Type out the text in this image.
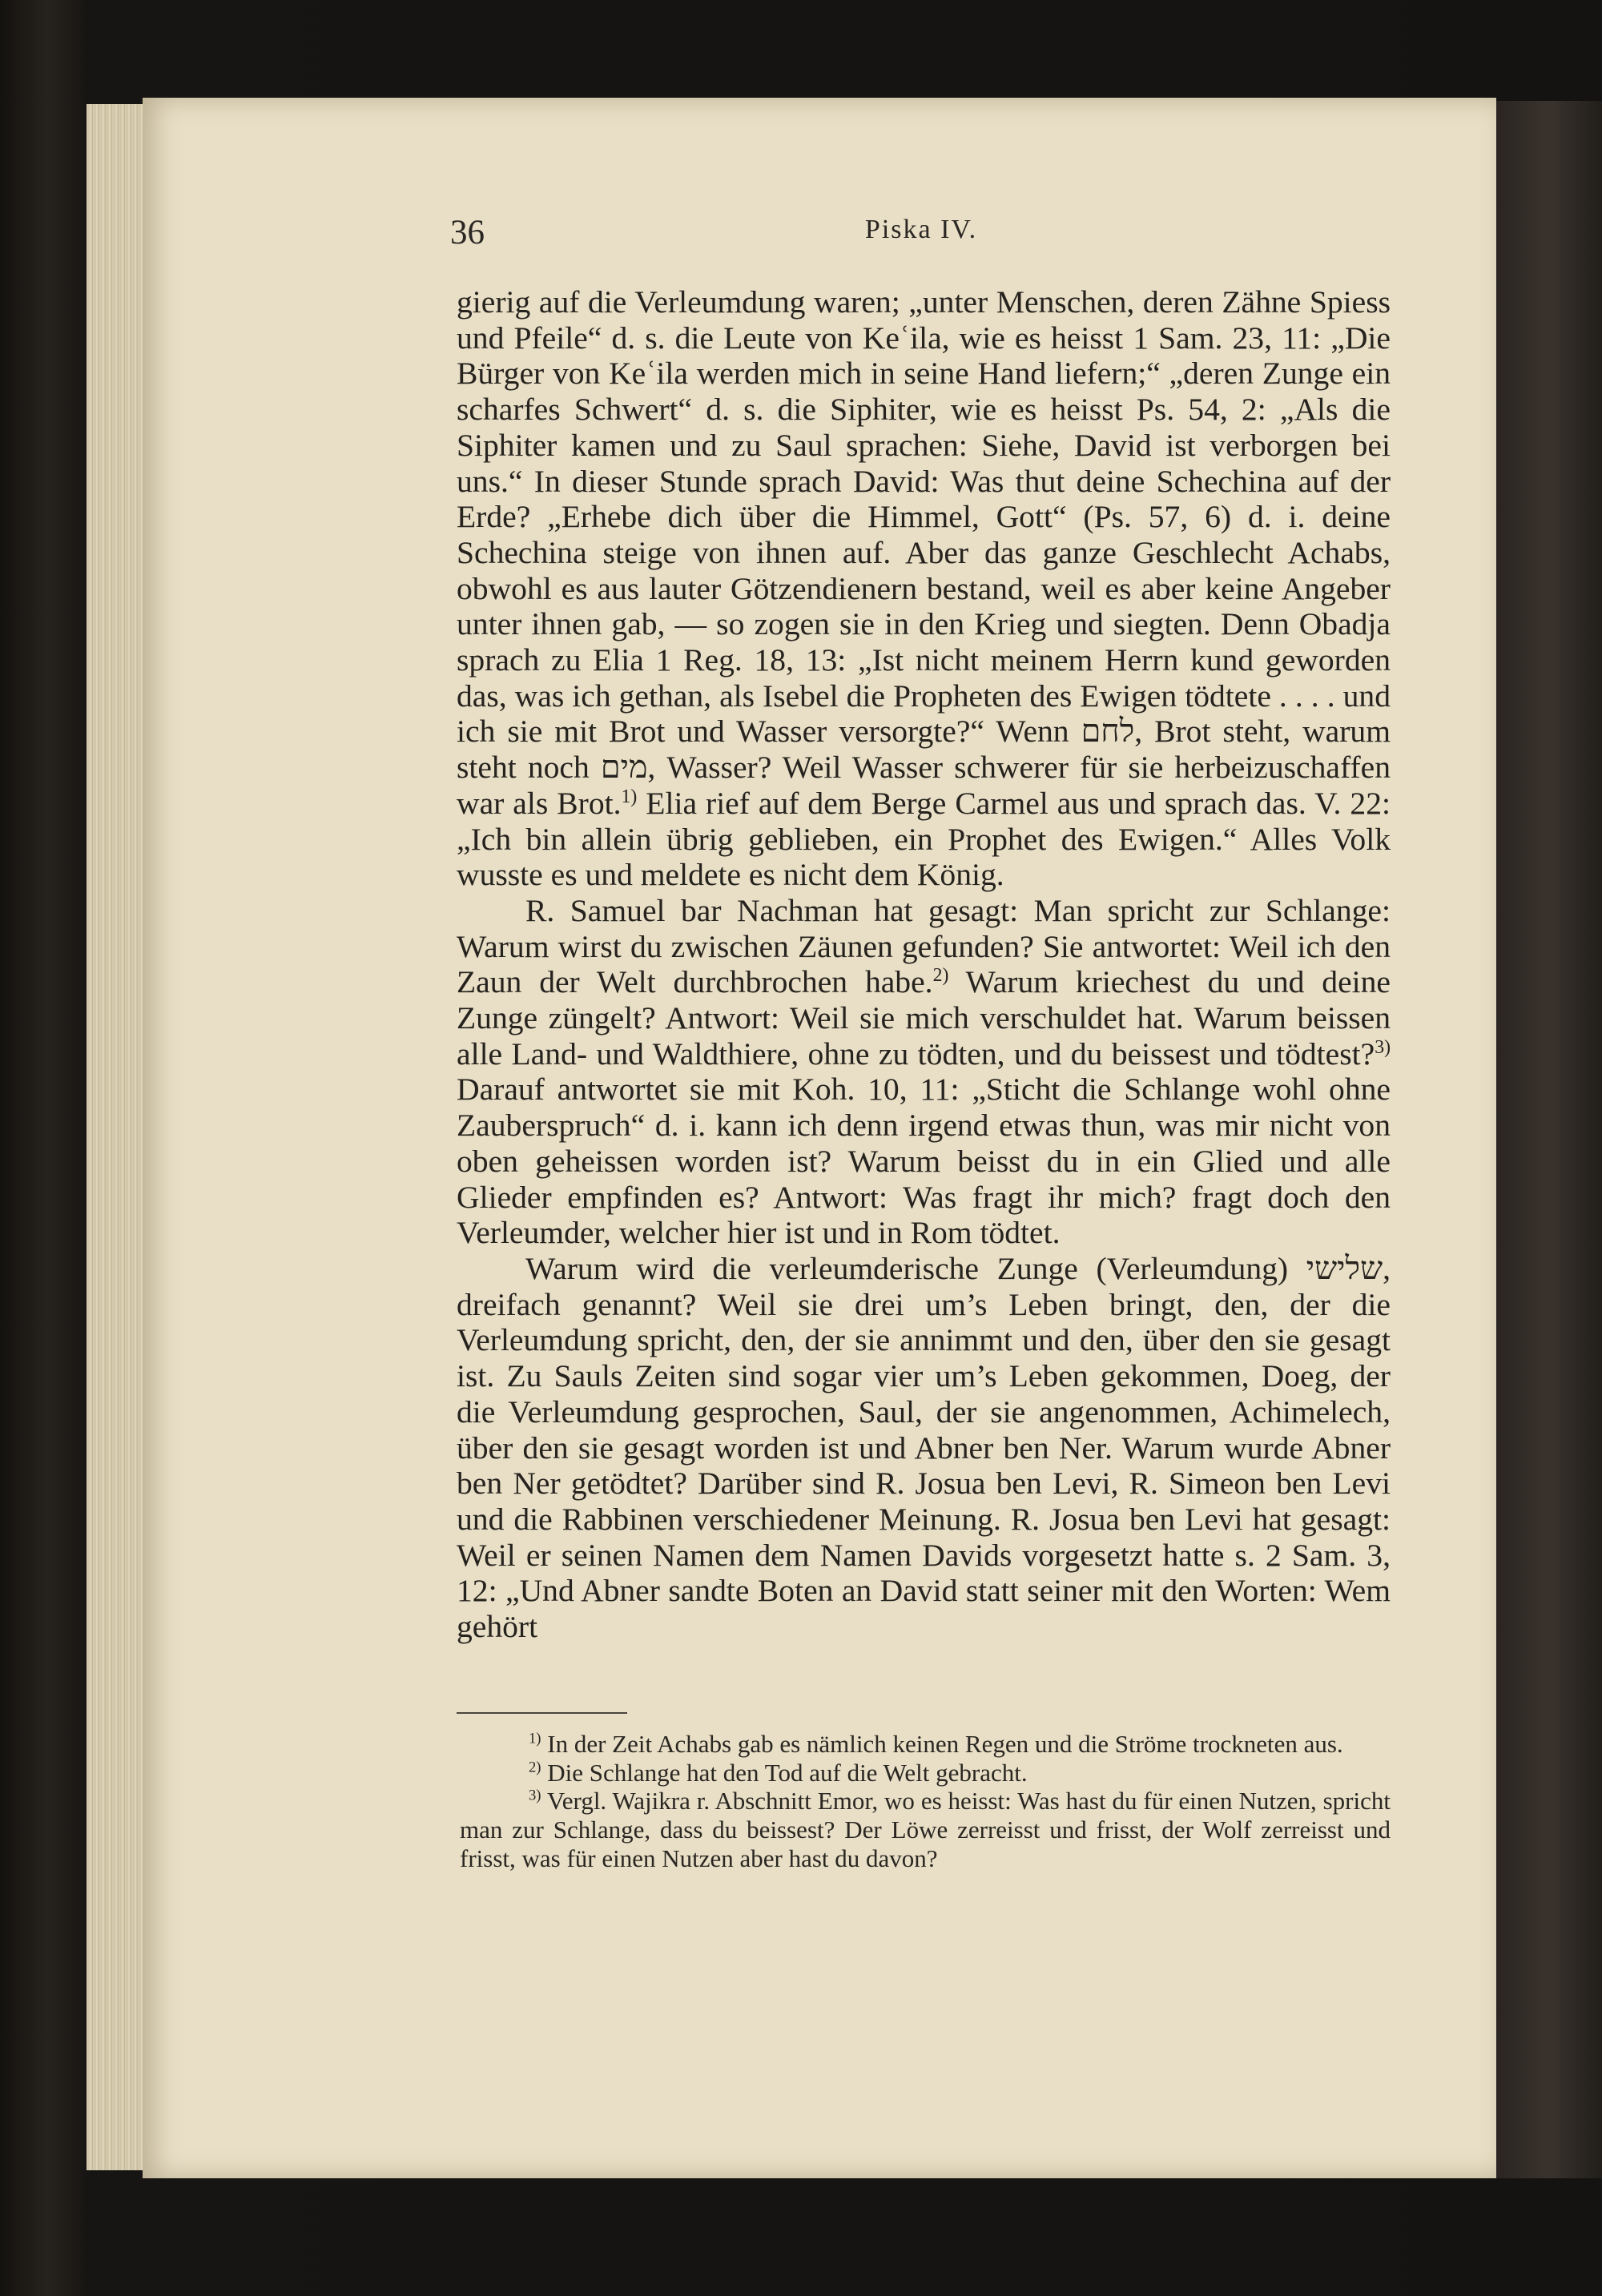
36	Piska IV.

gierig auf die Verleumdung waren; „unter Menschen, deren Zähne Spiess und Pfeile“ d. s. die Leute von Keʿila, wie es heisst 1 Sam. 23, 11: „Die Bürger von Keʿila werden mich in seine Hand liefern;“ „deren Zunge ein scharfes Schwert“ d. s. die Siphiter, wie es heisst Ps. 54, 2: „Als die Siphiter kamen und zu Saul sprachen: Siehe, David ist verborgen bei uns.“ In dieser Stunde sprach David: Was thut deine Schechina auf der Erde? „Erhebe dich über die Himmel, Gott“ (Ps. 57, 6) d. i. deine Schechina steige von ihnen auf. Aber das ganze Geschlecht Achabs, obwohl es aus lauter Götzendienern bestand, weil es aber keine Angeber unter ihnen gab, — so zogen sie in den Krieg und siegten. Denn Obadja sprach zu Elia 1 Reg. 18, 13: „Ist nicht meinem Herrn kund geworden das, was ich gethan, als Isebel die Propheten des Ewigen tödtete . . . . und ich sie mit Brot und Wasser versorgte?“ Wenn לחם, Brot steht, warum steht noch מים, Wasser? Weil Wasser schwerer für sie herbeizuschaffen war als Brot.$^{1)}$ Elia rief auf dem Berge Carmel aus und sprach das. V. 22: „Ich bin allein übrig geblieben, ein Prophet des Ewigen.“ Alles Volk wusste es und meldete es nicht dem König.

R. Samuel bar Nachman hat gesagt: Man spricht zur Schlange: Warum wirst du zwischen Zäunen gefunden? Sie antwortet: Weil ich den Zaun der Welt durchbrochen habe.$^{2)}$ Warum kriechest du und deine Zunge züngelt? Antwort: Weil sie mich verschuldet hat. Warum beissen alle Land- und Waldthiere, ohne zu tödten, und du beissest und tödtest?$^{3)}$ Darauf antwortet sie mit Koh. 10, 11: „Sticht die Schlange wohl ohne Zauberspruch“ d. i. kann ich denn irgend etwas thun, was mir nicht von oben geheissen worden ist? Warum beisst du in ein Glied und alle Glieder empfinden es? Antwort: Was fragt ihr mich? fragt doch den Verleumder, welcher hier ist und in Rom tödtet.

Warum wird die verleumderische Zunge (Verleumdung) שלישי, dreifach genannt? Weil sie drei um’s Leben bringt, den, der die Verleumdung spricht, den, der sie annimmt und den, über den sie gesagt ist. Zu Sauls Zeiten sind sogar vier um’s Leben gekommen, Doeg, der die Verleumdung gesprochen, Saul, der sie angenommen, Achimelech, über den sie gesagt worden ist und Abner ben Ner. Warum wurde Abner ben Ner getödtet? Darüber sind R. Josua ben Levi, R. Simeon ben Levi und die Rabbinen verschiedener Meinung. R. Josua ben Levi hat gesagt: Weil er seinen Namen dem Namen Davids vorgesetzt hatte s. 2 Sam. 3, 12: „Und Abner sandte Boten an David statt seiner mit den Worten: Wem gehört

$^{1)}$ In der Zeit Achabs gab es nämlich keinen Regen und die Ströme trockneten aus.

$^{2)}$ Die Schlange hat den Tod auf die Welt gebracht.

$^{3)}$ Vergl. Wajikra r. Abschnitt Emor, wo es heisst: Was hast du für einen Nutzen, spricht man zur Schlange, dass du beissest? Der Löwe zerreisst und frisst, der Wolf zerreisst und frisst, was für einen Nutzen aber hast du davon?
